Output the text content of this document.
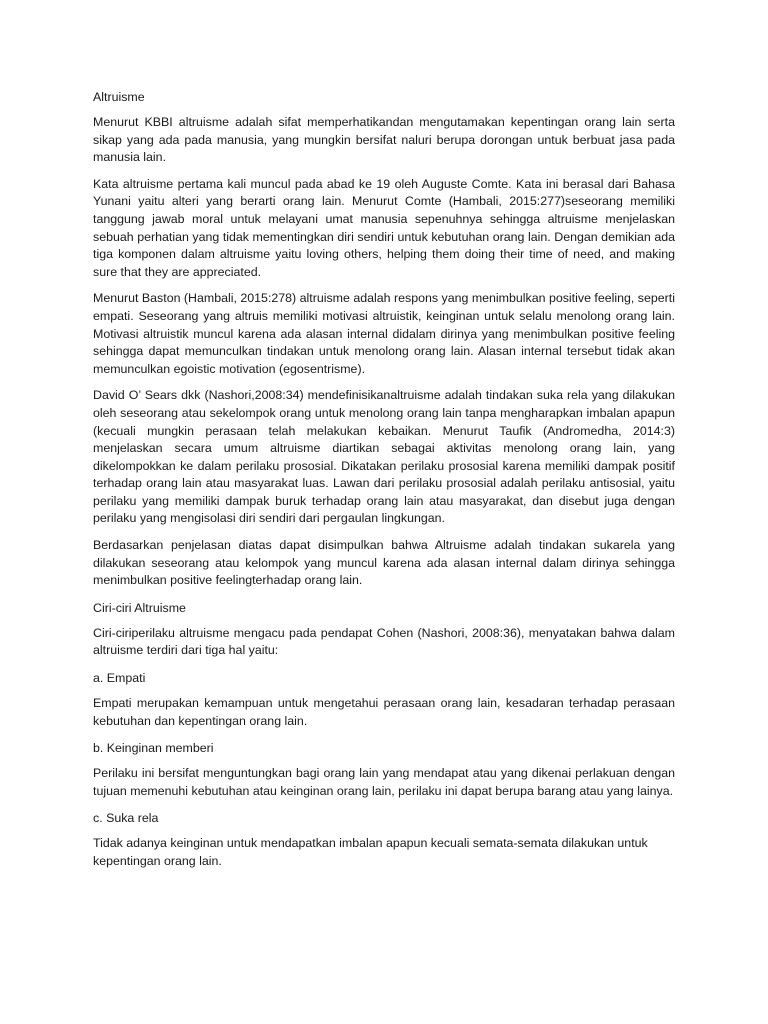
Altruisme

Menurut KBBI altruisme adalah sifat memperhatikandan mengutamakan kepentingan orang lain serta sikap yang ada pada manusia, yang mungkin bersifat naluri berupa dorongan untuk berbuat jasa pada manusia lain.

Kata altruisme pertama kali muncul pada abad ke 19 oleh Auguste Comte. Kata ini berasal dari Bahasa Yunani yaitu alteri yang berarti orang lain. Menurut Comte (Hambali, 2015:277)seseorang memiliki tanggung jawab moral untuk melayani umat manusia sepenuhnya sehingga altruisme menjelaskan sebuah perhatian yang tidak mementingkan diri sendiri untuk kebutuhan orang lain. Dengan demikian ada tiga komponen dalam altruisme yaitu loving others, helping them doing their time of need, and making sure that they are appreciated.

Menurut Baston (Hambali, 2015:278) altruisme adalah respons yang menimbulkan positive feeling, seperti empati. Seseorang yang altruis memiliki motivasi altruistik, keinginan untuk selalu menolong orang lain. Motivasi altruistik muncul karena ada alasan internal didalam dirinya yang menimbulkan positive feeling sehingga dapat memunculkan tindakan untuk menolong orang lain. Alasan internal tersebut tidak akan memunculkan egoistic motivation (egosentrisme).

David O’ Sears dkk (Nashori,2008:34) mendefinisikanaltruisme adalah tindakan suka rela yang dilakukan oleh seseorang atau sekelompok orang untuk menolong orang lain tanpa mengharapkan imbalan apapun (kecuali mungkin perasaan telah melakukan kebaikan. Menurut Taufik (Andromedha, 2014:3) menjelaskan secara umum altruisme diartikan sebagai aktivitas menolong orang lain, yang dikelompokkan ke dalam perilaku prososial. Dikatakan perilaku prososial karena memiliki dampak positif terhadap orang lain atau masyarakat luas. Lawan dari perilaku prososial adalah perilaku antisosial, yaitu perilaku yang memiliki dampak buruk terhadap orang lain atau masyarakat, dan disebut juga dengan perilaku yang mengisolasi diri sendiri dari pergaulan lingkungan.

Berdasarkan penjelasan diatas dapat disimpulkan bahwa Altruisme adalah tindakan sukarela yang dilakukan seseorang atau kelompok yang muncul karena ada alasan internal dalam dirinya sehingga menimbulkan positive feelingterhadap orang lain.

Ciri-ciri Altruisme

Ciri-ciriperilaku altruisme mengacu pada pendapat Cohen (Nashori, 2008:36), menyatakan bahwa dalam altruisme terdiri dari tiga hal yaitu:

a. Empati

Empati merupakan kemampuan untuk mengetahui perasaan orang lain, kesadaran terhadap perasaan kebutuhan dan kepentingan orang lain.

b. Keinginan memberi

Perilaku ini bersifat menguntungkan bagi orang lain yang mendapat atau yang dikenai perlakuan dengan tujuan memenuhi kebutuhan atau keinginan orang lain, perilaku ini dapat berupa barang atau yang lainya.

c. Suka rela

Tidak adanya keinginan untuk mendapatkan imbalan apapun kecuali semata-semata dilakukan untuk kepentingan orang lain.
